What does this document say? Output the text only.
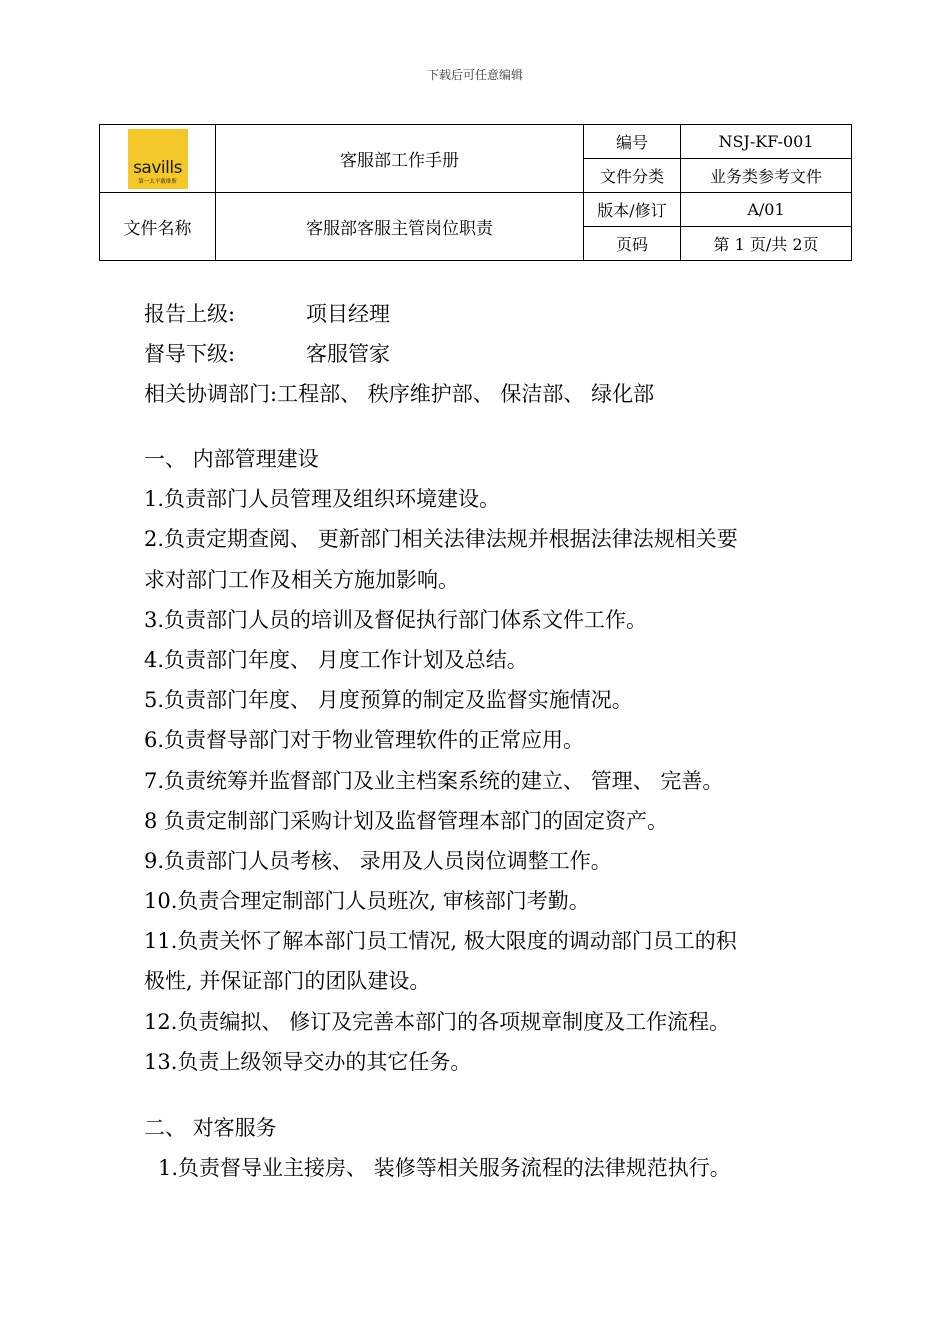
下载后可任意编辑
savills
第一太平戴维斯	客服部工作手册	编号	NSJ-KF-001
		文件分类	业务类参考文件
文件名称	客服部客服主管岗位职责	版本/修订	A/01
		页码	第 1 页/共 2页
报告上级:	项目经理
督导下级:	客服管家
相关协调部门:工程部、 秩序维护部、 保洁部、 绿化部
一、 内部管理建设
1.负责部门人员管理及组织环境建设。
2.负责定期查阅、 更新部门相关法律法规并根据法律法规相关要
求对部门工作及相关方施加影响。
3.负责部门人员的培训及督促执行部门体系文件工作。
4.负责部门年度、 月度工作计划及总结。
5.负责部门年度、 月度预算的制定及监督实施情况。
6.负责督导部门对于物业管理软件的正常应用。
7.负责统筹并监督部门及业主档案系统的建立、 管理、 完善。
8 负责定制部门采购计划及监督管理本部门的固定资产。
9.负责部门人员考核、 录用及人员岗位调整工作。
10.负责合理定制部门人员班次, 审核部门考勤。
11.负责关怀了解本部门员工情况, 极大限度的调动部门员工的积
极性, 并保证部门的团队建设。
12.负责编拟、 修订及完善本部门的各项规章制度及工作流程。
13.负责上级领导交办的其它任务。
二、 对客服务
1.负责督导业主接房、 装修等相关服务流程的法律规范执行。
